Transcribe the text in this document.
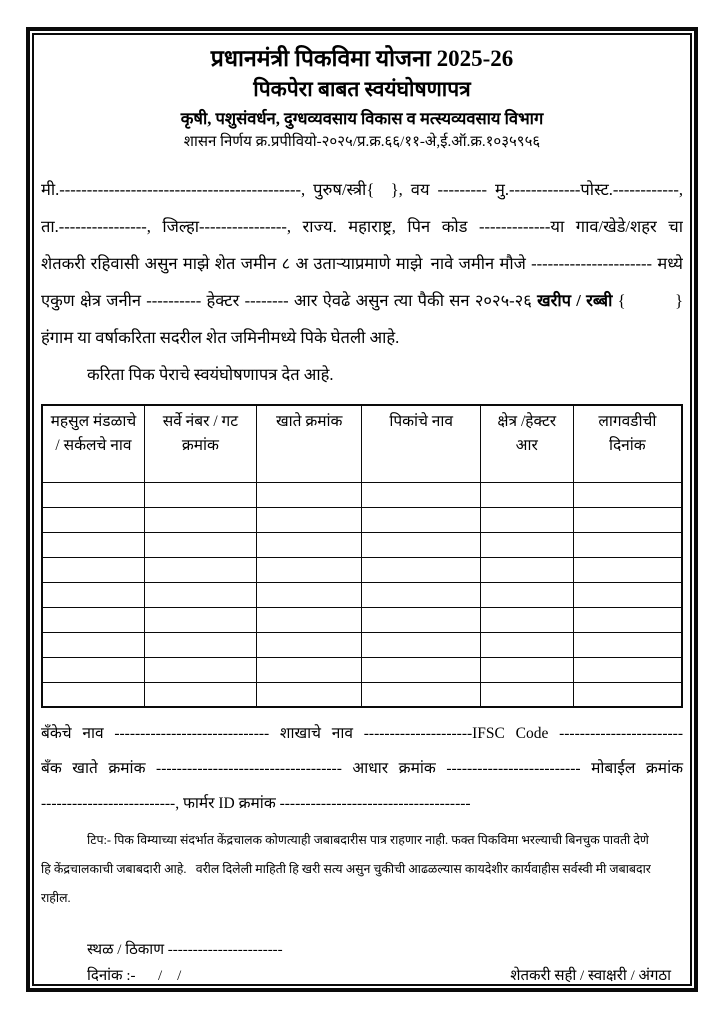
प्रधानमंत्री पिकविमा योजना 2025-26
पिकपेरा बाबत स्वयंघोषणापत्र
कृषी, पशुसंवर्धन, दुग्धव्यवसाय विकास व मत्स्यव्यवसाय विभाग
शासन निर्णय क्र.प्रपीवियो-२०२५/प्र.क्र.६६/११-अे,ई.ऑ.क्र.१०३५९५६
मी.--------------------------------------------, पुरुष/स्त्री{  }, वय --------- मु.-------------पोस्ट.------------,
ता.----------------, जिल्हा----------------, राज्य. महाराष्ट्र, पिन कोड -------------या गाव/खेडे/शहर चा
शेतकरी रहिवासी असुन माझे शेत जमीन ८ अ उताऱ्याप्रमाणे माझे नावे जमीन मौजे ---------------------- मध्ये
एकुण क्षेत्र जनीन ---------- हेक्टर -------- आर ऐवढे असुन त्या पैकी सन २०२५-२६ खरीप / रब्बी {   }
हंगाम या वर्षाकरिता सदरील शेत जमिनीमध्ये पिके घेतली आहे.
करिता पिक पेराचे स्वयंघोषणापत्र देत आहे.
महसुल मंडळाचे / सर्कलचे नाव	सर्वे नंबर / गट क्रमांक	खाते क्रमांक	पिकांचे नाव	क्षेत्र /हेक्टर आर	लागवडीची दिनांक

बँकेचे नाव ------------------------------ शाखाचे नाव ---------------------IFSC Code ------------------------
बँक खाते क्रमांक ------------------------------------ आधार क्रमांक -------------------------- मोबाईल क्रमांक
--------------------------, फार्मर ID क्रमांक -------------------------------------
टिप:- पिक विम्याच्या संदर्भात केंद्रचालक कोणत्याही जबाबदारीस पात्र राहणार नाही. फक्त पिकविमा भरल्याची बिनचुक पावती देणे
हि केंद्रचालकाची जबाबदारी आहे.  वरील दिलेली माहिती हि खरी सत्य असुन चुकीची आढळल्यास कायदेशीर कार्यवाहीस सर्वस्वी मी जबाबदार राहील.
स्थळ / ठिकाण -----------------------
दिनांक :-   / /	शेतकरी सही / स्वाक्षरी / अंगठा
